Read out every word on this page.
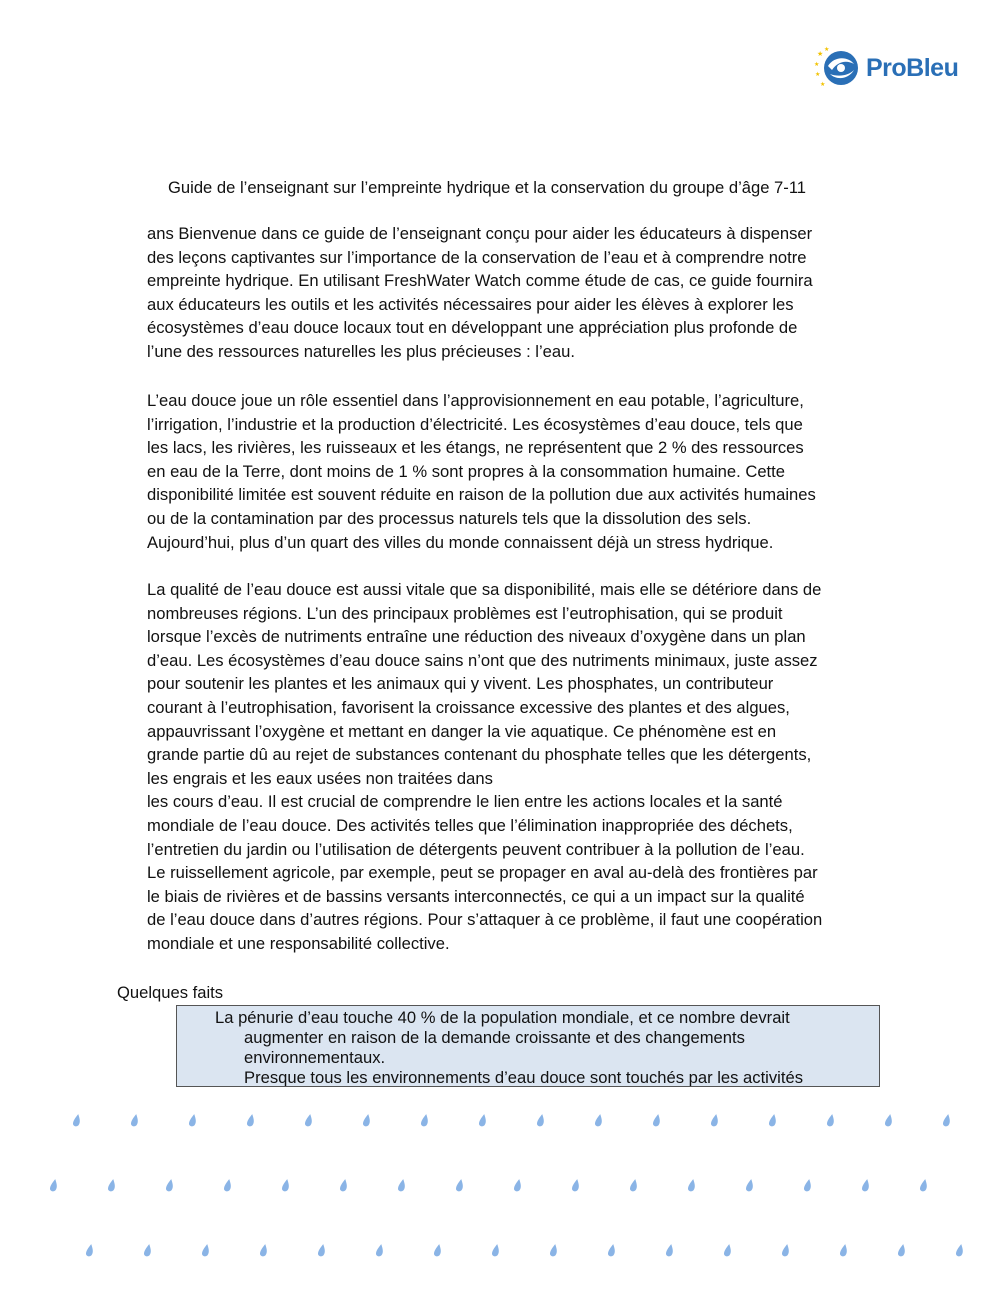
★
★
★
★
★
ProBleu
Guide de l’enseignant sur l’empreinte hydrique et la conservation du groupe d’âge 7-11
ans Bienvenue dans ce guide de l’enseignant conçu pour aider les éducateurs à dispenser
des leçons captivantes sur l’importance de la conservation de l’eau et à comprendre notre
empreinte hydrique. En utilisant FreshWater Watch comme étude de cas, ce guide fournira
aux éducateurs les outils et les activités nécessaires pour aider les élèves à explorer les
écosystèmes d’eau douce locaux tout en développant une appréciation plus profonde de
l’une des ressources naturelles les plus précieuses : l’eau.
L’eau douce joue un rôle essentiel dans l’approvisionnement en eau potable, l’agriculture,
l’irrigation, l’industrie et la production d’électricité. Les écosystèmes d’eau douce, tels que
les lacs, les rivières, les ruisseaux et les étangs, ne représentent que 2 % des ressources
en eau de la Terre, dont moins de 1 % sont propres à la consommation humaine. Cette
disponibilité limitée est souvent réduite en raison de la pollution due aux activités humaines
ou de la contamination par des processus naturels tels que la dissolution des sels.
Aujourd’hui, plus d’un quart des villes du monde connaissent déjà un stress hydrique.
La qualité de l’eau douce est aussi vitale que sa disponibilité, mais elle se détériore dans de
nombreuses régions. L’un des principaux problèmes est l’eutrophisation, qui se produit
lorsque l’excès de nutriments entraîne une réduction des niveaux d’oxygène dans un plan
d’eau. Les écosystèmes d’eau douce sains n’ont que des nutriments minimaux, juste assez
pour soutenir les plantes et les animaux qui y vivent. Les phosphates, un contributeur
courant à l’eutrophisation, favorisent la croissance excessive des plantes et des algues,
appauvrissant l’oxygène et mettant en danger la vie aquatique. Ce phénomène est en
grande partie dû au rejet de substances contenant du phosphate telles que les détergents,
les engrais et les eaux usées non traitées dans
les cours d’eau. Il est crucial de comprendre le lien entre les actions locales et la santé
mondiale de l’eau douce. Des activités telles que l’élimination inappropriée des déchets,
l’entretien du jardin ou l’utilisation de détergents peuvent contribuer à la pollution de l’eau.
Le ruissellement agricole, par exemple, peut se propager en aval au-delà des frontières par
le biais de rivières et de bassins versants interconnectés, ce qui a un impact sur la qualité
de l’eau douce dans d’autres régions. Pour s’attaquer à ce problème, il faut une coopération
mondiale et une responsabilité collective.
Quelques faits
La pénurie d’eau touche 40 % de la population mondiale, et ce nombre devrait
augmenter en raison de la demande croissante et des changements
environnementaux.
Presque tous les environnements d’eau douce sont touchés par les activités
